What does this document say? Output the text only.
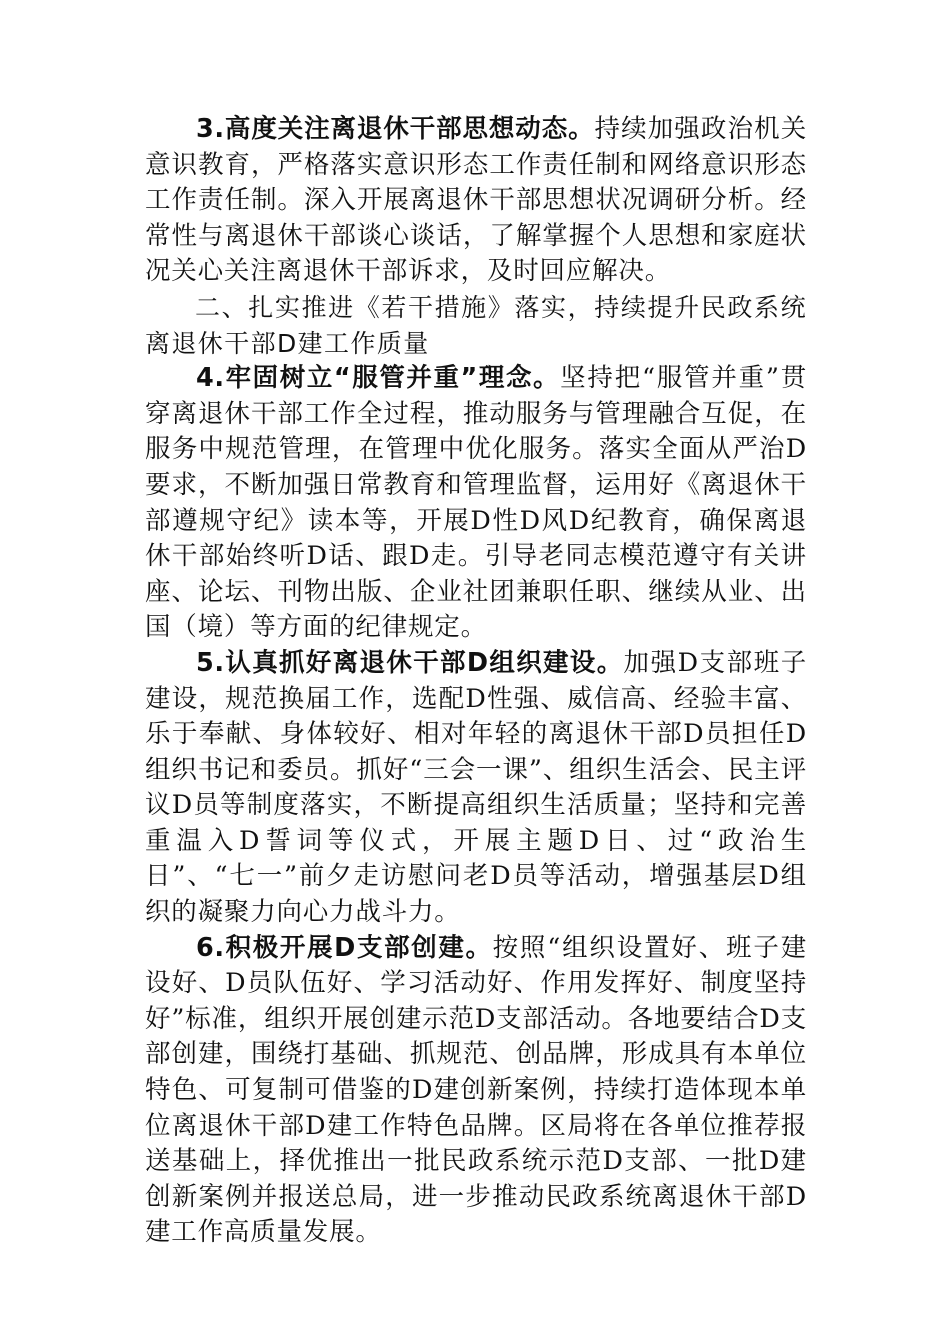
3.高度关注离退休干部思想动态。持续加强政治机关意识教育，严格落实意识形态工作责任制和网络意识形态工作责任制。深入开展离退休干部思想状况调研分析。经常性与离退休干部谈心谈话，了解掌握个人思想和家庭状况关心关注离退休干部诉求，及时回应解决。

二、扎实推进《若干措施》落实，持续提升民政系统离退休干部D建工作质量

4.牢固树立“服管并重”理念。坚持把“服管并重”贯穿离退休干部工作全过程，推动服务与管理融合互促，在服务中规范管理，在管理中优化服务。落实全面从严治D要求，不断加强日常教育和管理监督，运用好《离退休干部遵规守纪》读本等，开展D性D风D纪教育，确保离退休干部始终听D话、跟D走。引导老同志模范遵守有关讲座、论坛、刊物出版、企业社团兼职任职、继续从业、出国（境）等方面的纪律规定。

5.认真抓好离退休干部D组织建设。加强D支部班子建设，规范换届工作，选配D性强、威信高、经验丰富、乐于奉献、身体较好、相对年轻的离退休干部D员担任D组织书记和委员。抓好“三会一课”、组织生活会、民主评议D员等制度落实，不断提高组织生活质量；坚持和完善重温入D誓词等仪式，开展主题D日、过“政治生日”、“七一”前夕走访慰问老D员等活动，增强基层D组织的凝聚力向心力战斗力。

6.积极开展D支部创建。按照“组织设置好、班子建设好、D员队伍好、学习活动好、作用发挥好、制度坚持好”标准，组织开展创建示范D支部活动。各地要结合D支部创建，围绕打基础、抓规范、创品牌，形成具有本单位特色、可复制可借鉴的D建创新案例，持续打造体现本单位离退休干部D建工作特色品牌。区局将在各单位推荐报送基础上，择优推出一批民政系统示范D支部、一批D建创新案例并报送总局，进一步推动民政系统离退休干部D建工作高质量发展。
